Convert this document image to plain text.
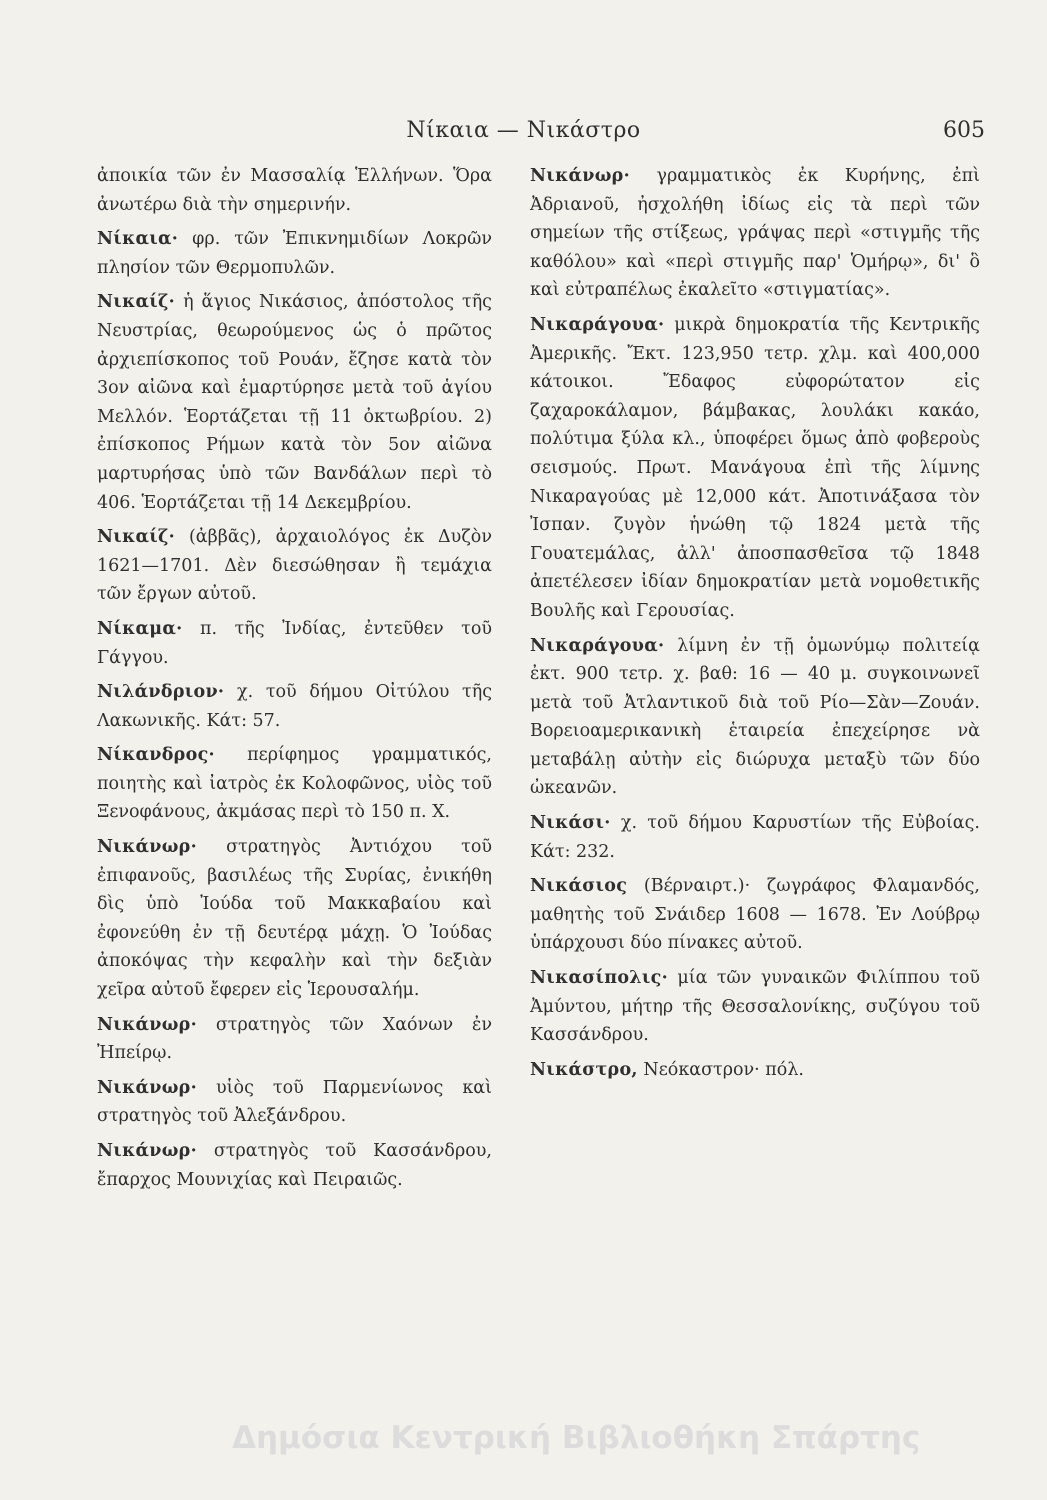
Νίκαια — Νικάστρο	605

ἀποικία τῶν ἐν Μασσαλίᾳ Ἑλλήνων. Ὅρα ἀνωτέρω διὰ τὴν σημερινήν.

Νίκαια· φρ. τῶν Ἐπικνημιδίων Λοκρῶν πλησίον τῶν Θερμοπυλῶν.

Νικαίζ· ἡ ἅγιος Νικάσιος, ἀπόστολος τῆς Νευστρίας, θεωρούμενος ὡς ὁ πρῶτος ἀρχιεπίσκοπος τοῦ Ρουάν, ἔζησε κατὰ τὸν 3ον αἰῶνα καὶ ἐμαρτύρησε μετὰ τοῦ ἁγίου Μελλόν. Ἑορτάζεται τῇ 11 ὀκτωβρίου. 2) ἐπίσκοπος Ρήμων κατὰ τὸν 5ον αἰῶνα μαρτυρήσας ὑπὸ τῶν Βανδάλων περὶ τὸ 406. Ἑορτάζεται τῇ 14 Δεκεμβρίου.

Νικαίζ· (ἀββᾶς), ἀρχαιολόγος ἐκ Δυζὸν 1621—1701. Δὲν διεσώθησαν ἢ τεμάχια τῶν ἔργων αὐτοῦ.

Νίκαμα· π. τῆς Ἰνδίας, ἐντεῦθεν τοῦ Γάγγου.

Νιλάνδριον· χ. τοῦ δήμου Οἰτύλου τῆς Λακωνικῆς. Κάτ: 57.

Νίκανδρος· περίφημος γραμματικός, ποιητὴς καὶ ἰατρὸς ἐκ Κολοφῶνος, υἱὸς τοῦ Ξενοφάνους, ἀκμάσας περὶ τὸ 150 π. Χ.

Νικάνωρ· στρατηγὸς Ἀντιόχου τοῦ ἐπιφανοῦς, βασιλέως τῆς Συρίας, ἐνικήθη δὶς ὑπὸ Ἰούδα τοῦ Μακκαβαίου καὶ ἐφονεύθη ἐν τῇ δευτέρᾳ μάχῃ. Ὁ Ἰούδας ἀποκόψας τὴν κεφαλὴν καὶ τὴν δεξιὰν χεῖρα αὐτοῦ ἔφερεν εἰς Ἱερουσαλήμ.

Νικάνωρ· στρατηγὸς τῶν Χαόνων ἐν Ἠπείρῳ.

Νικάνωρ· υἱὸς τοῦ Παρμενίωνος καὶ στρατηγὸς τοῦ Ἀλεξάνδρου.

Νικάνωρ· στρατηγὸς τοῦ Κασσάνδρου, ἔπαρχος Μουνιχίας καὶ Πειραιῶς.

Νικάνωρ· γραμματικὸς ἐκ Κυρήνης, ἐπὶ Ἀδριανοῦ, ἠσχολήθη ἰδίως εἰς τὰ περὶ τῶν σημείων τῆς στίξεως, γράψας περὶ «στιγμῆς τῆς καθόλου» καὶ «περὶ στιγμῆς παρ' Ὁμήρῳ», δι' ὃ καὶ εὐτραπέλως ἐκαλεῖτο «στιγματίας».

Νικαράγουα· μικρὰ δημοκρατία τῆς Κεντρικῆς Ἀμερικῆς. Ἔκτ. 123,950 τετρ. χλμ. καὶ 400,000 κάτοικοι. Ἔδαφος εὐφορώτατον εἰς ζαχαροκάλαμον, βάμβακας, λουλάκι κακάο, πολύτιμα ξύλα κλ., ὑποφέρει ὅμως ἀπὸ φοβεροὺς σεισμούς. Πρωτ. Μανάγουα ἐπὶ τῆς λίμνης Νικαραγούας μὲ 12,000 κάτ. Ἀποτινάξασα τὸν Ἰσπαν. ζυγὸν ἡνώθη τῷ 1824 μετὰ τῆς Γουατεμάλας, ἀλλ' ἀποσπασθεῖσα τῷ 1848 ἀπετέλεσεν ἰδίαν δημοκρατίαν μετὰ νομοθετικῆς Βουλῆς καὶ Γερουσίας.

Νικαράγουα· λίμνη ἐν τῇ ὁμωνύμῳ πολιτείᾳ ἐκτ. 900 τετρ. χ. βαθ: 16 — 40 μ. συγκοινωνεῖ μετὰ τοῦ Ἀτλαντικοῦ διὰ τοῦ Ρίο—Σὰν—Ζουάν. Βορειοαμερικανικὴ ἑταιρεία ἐπεχείρησε νὰ μεταβάλῃ αὐτὴν εἰς διώρυχα μεταξὺ τῶν δύο ὠκεανῶν.

Νικάσι· χ. τοῦ δήμου Καρυστίων τῆς Εὐβοίας. Κάτ: 232.

Νικάσιος (Βέρναιρτ.)· ζωγράφος Φλαμανδός, μαθητὴς τοῦ Σνάιδερ 1608 — 1678. Ἐν Λούβρῳ ὑπάρχουσι δύο πίνακες αὐτοῦ.

Νικασίπολις· μία τῶν γυναικῶν Φιλίππου τοῦ Ἀμύντου, μήτηρ τῆς Θεσσαλονίκης, συζύγου τοῦ Κασσάνδρου.

Νικάστρο, Νεόκαστρον· πόλ.

Δημόσια Κεντρική Βιβλιοθήκη Σπάρτης
